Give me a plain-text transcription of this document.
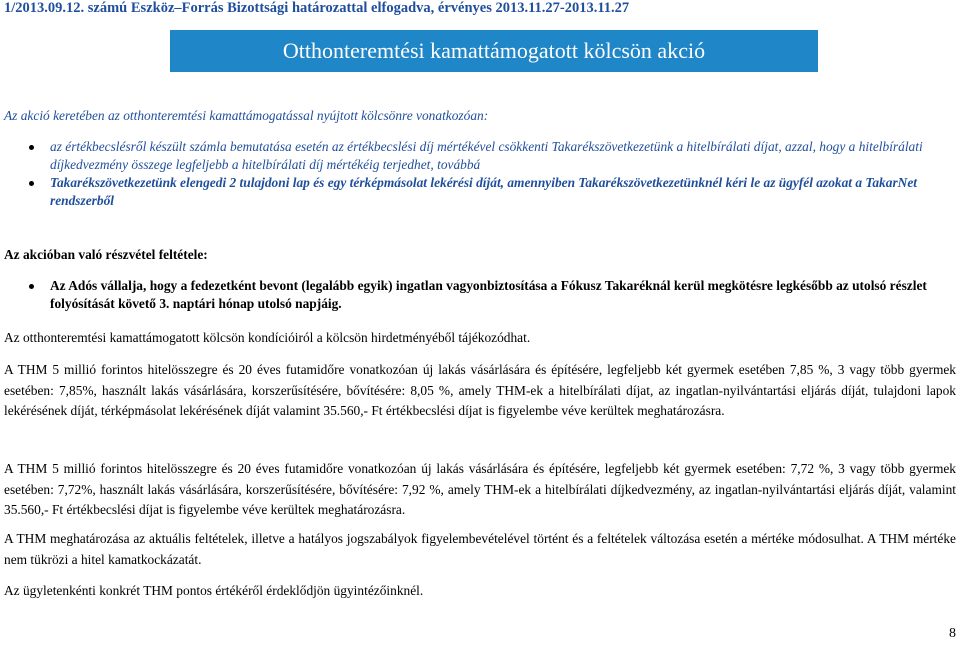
1/2013.09.12. számú Eszköz–Forrás Bizottsági határozattal elfogadva, érvényes 2013.11.27-2013.11.27
Otthonteremtési kamattámogatott kölcsön akció
Az akció keretében az otthonteremtési kamattámogatással nyújtott kölcsönre vonatkozóan:
az értékbecslésről készült számla bemutatása esetén az értékbecslési díj mértékével csökkenti Takarékszövetkezetünk a hitelbírálati díjat, azzal, hogy a hitelbírálati díjkedvezmény összege legfeljebb a hitelbírálati díj mértékéig terjedhet, továbbá
Takarékszövetkezetünk elengedi 2 tulajdoni lap és egy térképmásolat lekérési díját, amennyiben Takarékszövetkezetünknél kéri le az ügyfél azokat a TakarNet rendszerből
Az akcióban való részvétel feltétele:
Az Adós vállalja, hogy a fedezetként bevont (legalább egyik) ingatlan vagyonbiztosítása a Fókusz Takaréknál kerül megkötésre legkésőbb az utolsó részlet folyósítását követő 3. naptári hónap utolsó napjáig.
Az otthonteremtési kamattámogatott kölcsön kondícióiról a kölcsön hirdetményéből tájékozódhat.
A THM 5 millió forintos hitelösszegre és 20 éves futamidőre vonatkozóan új lakás vásárlására és építésére, legfeljebb két gyermek esetében 7,85 %, 3 vagy több gyermek esetében: 7,85%, használt lakás vásárlására, korszerűsítésére, bővítésére: 8,05 %, amely THM-ek a hitelbírálati díjat, az ingatlan-nyilvántartási eljárás díját, tulajdoni lapok lekérésének díját, térképmásolat lekérésének díját valamint 35.560,- Ft értékbecslési díjat is figyelembe véve kerültek meghatározásra.
A THM 5 millió forintos hitelösszegre és 20 éves futamidőre vonatkozóan új lakás vásárlására és építésére, legfeljebb két gyermek esetében: 7,72 %, 3 vagy több gyermek esetében: 7,72%, használt lakás vásárlására, korszerűsítésére, bővítésére: 7,92 %, amely THM-ek a hitelbírálati díjkedvezmény, az ingatlan-nyilvántartási eljárás díját, valamint 35.560,- Ft értékbecslési díjat is figyelembe véve kerültek meghatározásra.
A THM meghatározása az aktuális feltételek, illetve a hatályos jogszabályok figyelembevételével történt és a feltételek változása esetén a mértéke módosulhat. A THM mértéke nem tükrözi a hitel kamatkockázatát.
Az ügyletenkénti konkrét THM pontos értékéről érdeklődjön ügyintézőinknél.
8
